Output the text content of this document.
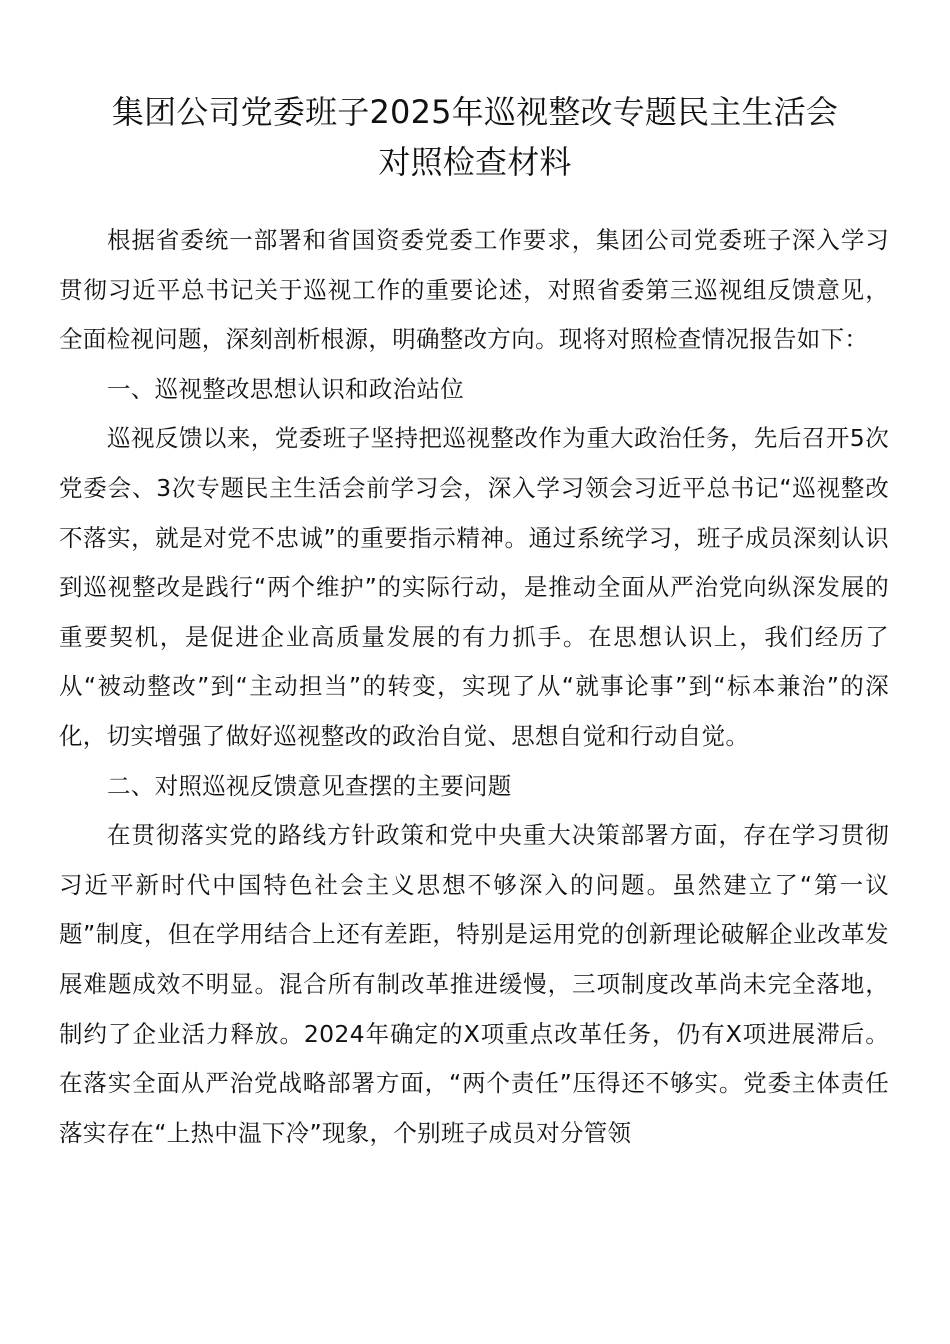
集团公司党委班子2025年巡视整改专题民主生活会
对照检查材料

根据省委统一部署和省国资委党委工作要求，集团公司党委班子深入学习贯彻习近平总书记关于巡视工作的重要论述，对照省委第三巡视组反馈意见，全面检视问题，深刻剖析根源，明确整改方向。现将对照检查情况报告如下：

一、巡视整改思想认识和政治站位

巡视反馈以来，党委班子坚持把巡视整改作为重大政治任务，先后召开5次党委会、3次专题民主生活会前学习会，深入学习领会习近平总书记“巡视整改不落实，就是对党不忠诚”的重要指示精神。通过系统学习，班子成员深刻认识到巡视整改是践行“两个维护”的实际行动，是推动全面从严治党向纵深发展的重要契机，是促进企业高质量发展的有力抓手。在思想认识上，我们经历了从“被动整改”到“主动担当”的转变，实现了从“就事论事”到“标本兼治”的深化，切实增强了做好巡视整改的政治自觉、思想自觉和行动自觉。

二、对照巡视反馈意见查摆的主要问题

在贯彻落实党的路线方针政策和党中央重大决策部署方面，存在学习贯彻习近平新时代中国特色社会主义思想不够深入的问题。虽然建立了“第一议题”制度，但在学用结合上还有差距，特别是运用党的创新理论破解企业改革发展难题成效不明显。混合所有制改革推进缓慢，三项制度改革尚未完全落地，制约了企业活力释放。2024年确定的X项重点改革任务，仍有X项进展滞后。在落实全面从严治党战略部署方面，“两个责任”压得还不够实。党委主体责任落实存在“上热中温下冷”现象，个别班子成员对分管领
